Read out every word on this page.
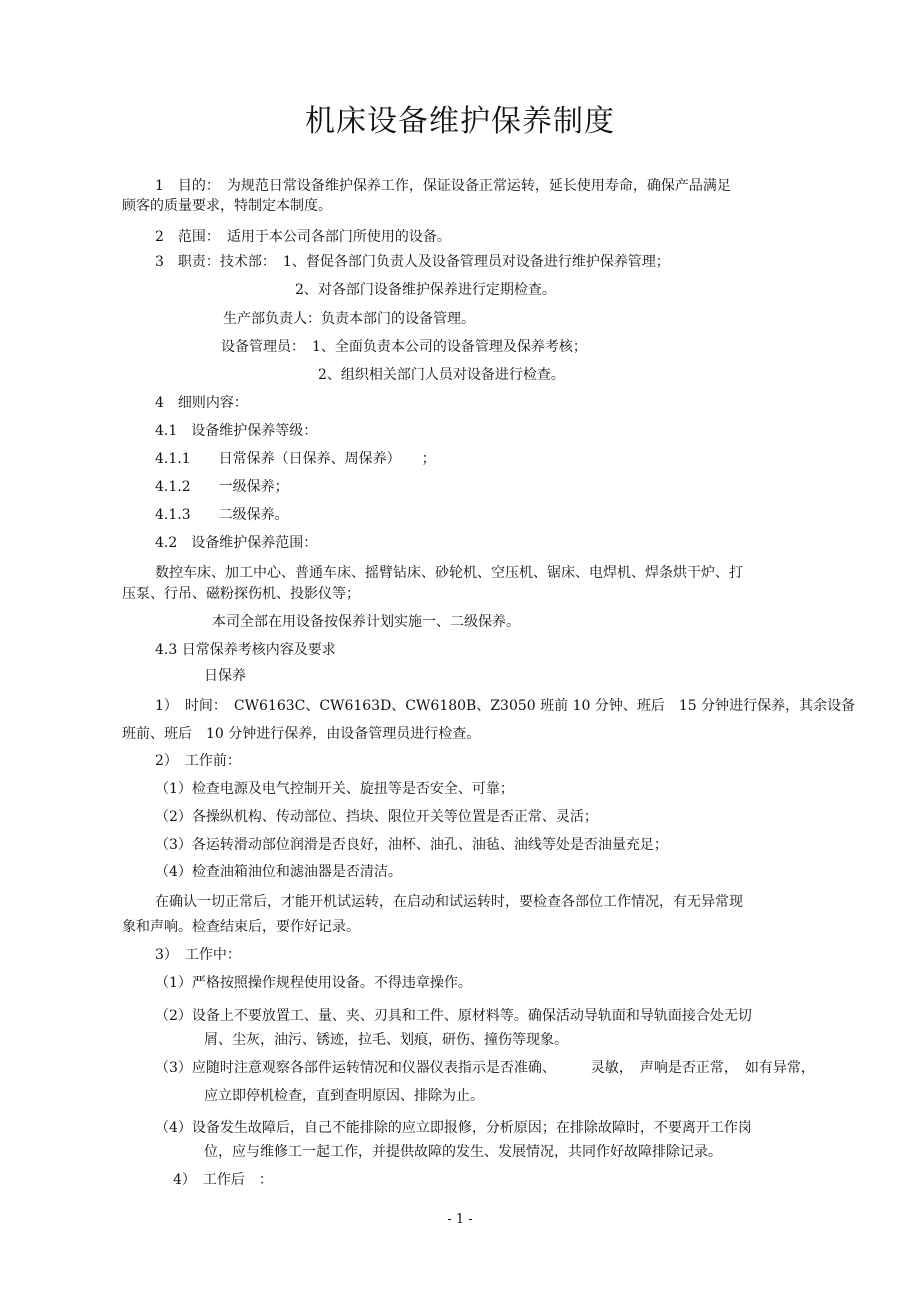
机床设备维护保养制度
1　目的：　为规范日常设备维护保养工作，保证设备正常运转，延长使用寿命，确保产品满足
顾客的质量要求，特制定本制度。
2　范围：　适用于本公司各部门所使用的设备。
3　职责：技术部：　1、督促各部门负责人及设备管理员对设备进行维护保养管理；
2、对各部门设备维护保养进行定期检查。
生产部负责人：负责本部门的设备管理。
设备管理员：　1、全面负责本公司的设备管理及保养考核；
2、组织相关部门人员对设备进行检查。
4　细则内容：
4.1　设备维护保养等级：
4.1.1　　日常保养（日保养、周保养）　　；
4.1.2　　一级保养；
4.1.3　　二级保养。
4.2　设备维护保养范围：
数控车床、加工中心、普通车床、摇臂钻床、砂轮机、空压机、锯床、电焊机、焊条烘干炉、打
压泵、行吊、磁粉探伤机、投影仪等；
本司全部在用设备按保养计划实施一、二级保养。
4.3 日常保养考核内容及要求
日保养
1）　时间：　CW6163C、CW6163D、CW6180B、Z3050 班前 10 分钟、班后　15 分钟进行保养，其余设备
班前、班后　10 分钟进行保养，由设备管理员进行检查。
2）　工作前：
（1）检查电源及电气控制开关、旋扭等是否安全、可靠；
（2）各操纵机构、传动部位、挡块、限位开关等位置是否正常、灵活；
（3）各运转滑动部位润滑是否良好，油杯、油孔、油毡、油线等处是否油量充足；
（4）检查油箱油位和滤油器是否清洁。
在确认一切正常后，才能开机试运转，在启动和试运转时，要检查各部位工作情况，有无异常现
象和声响。检查结束后，要作好记录。
3）　工作中：
（1）严格按照操作规程使用设备。不得违章操作。
（2）设备上不要放置工、量、夹、刃具和工件、原材料等。确保活动导轨面和导轨面接合处无切
屑、尘灰，油污、锈迹，拉毛、划痕，研伤、撞伤等现象。
（3）应随时注意观察各部件运转情况和仪器仪表指示是否准确、　　　灵敏，　声响是否正常，　如有异常，
应立即停机检查，直到查明原因、排除为止。
（4）设备发生故障后，自己不能排除的应立即报修，分析原因；在排除故障时，不要离开工作岗
位，应与维修工一起工作，并提供故障的发生、发展情况，共同作好故障排除记录。
4）　工作后　：
- 1 -
